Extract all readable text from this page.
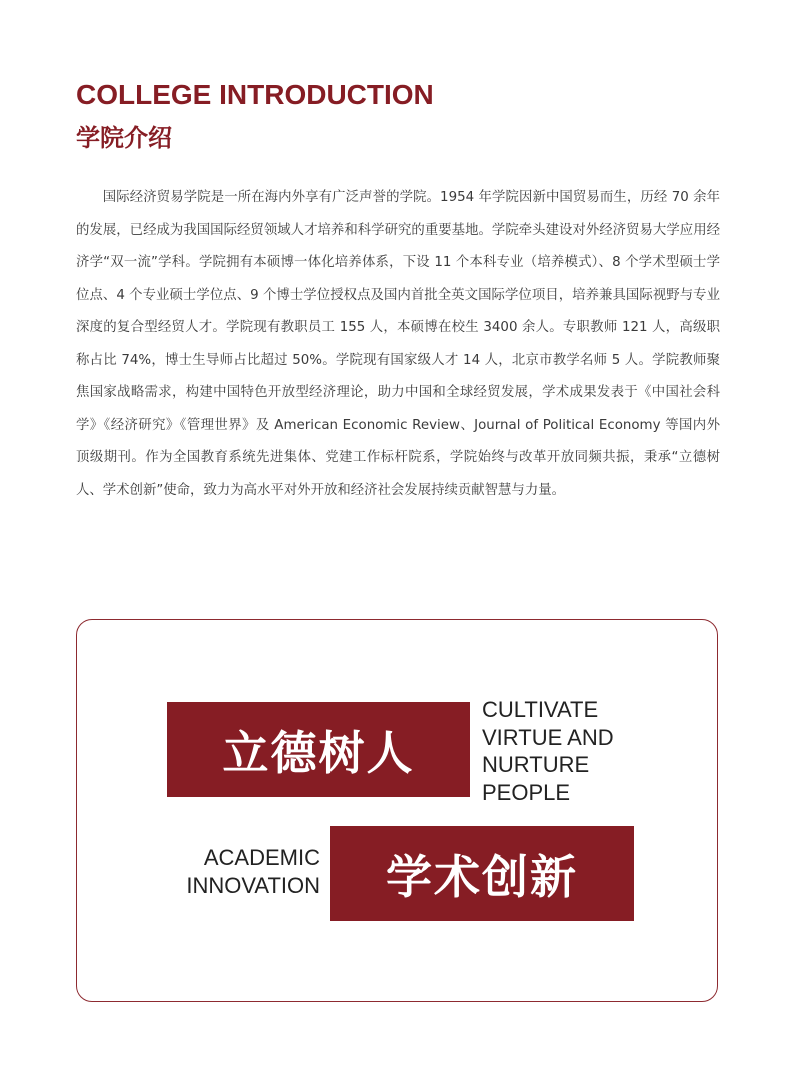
COLLEGE INTRODUCTION
学院介绍

国际经济贸易学院是一所在海内外享有广泛声誉的学院。1954 年学院因新中国贸易而生，历经 70 余年的发展，已经成为我国国际经贸领域人才培养和科学研究的重要基地。学院牵头建设对外经济贸易大学应用经济学“双一流”学科。学院拥有本硕博一体化培养体系，下设 11 个本科专业（培养模式）、8 个学术型硕士学位点、4 个专业硕士学位点、9 个博士学位授权点及国内首批全英文国际学位项目，培养兼具国际视野与专业深度的复合型经贸人才。学院现有教职员工 155 人，本硕博在校生 3400 余人。专职教师 121 人，高级职称占比 74%，博士生导师占比超过 50%。学院现有国家级人才 14 人，北京市教学名师 5 人。学院教师聚焦国家战略需求，构建中国特色开放型经济理论，助力中国和全球经贸发展，学术成果发表于《中国社会科学》《经济研究》《管理世界》及 American Economic Review、Journal of Political Economy 等国内外顶级期刊。作为全国教育系统先进集体、党建工作标杆院系，学院始终与改革开放同频共振，秉承“立德树人、学术创新”使命，致力为高水平对外开放和经济社会发展持续贡献智慧与力量。

立德树人

CULTIVATE
VIRTUE AND
NURTURE
PEOPLE

ACADEMIC
INNOVATION 学术创新
